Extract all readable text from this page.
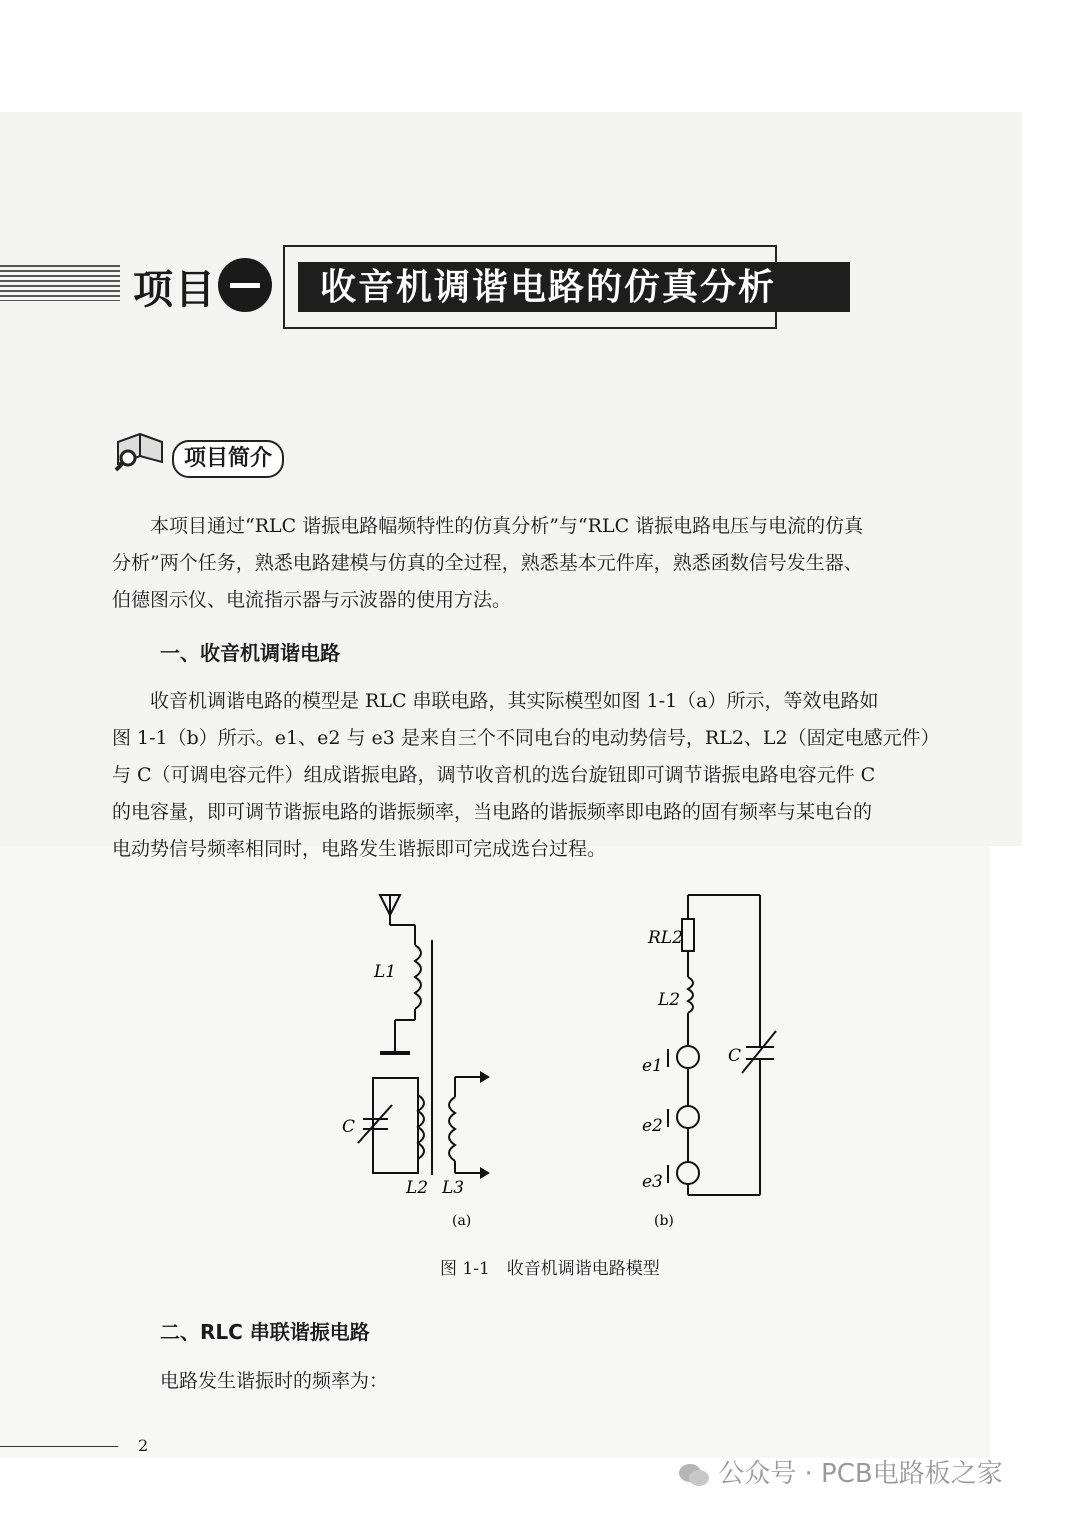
项目	收音机调谐电路的仿真分析
项目简介
　　本项目通过“RLC 谐振电路幅频特性的仿真分析”与“RLC 谐振电路电压与电流的仿真
分析”两个任务，熟悉电路建模与仿真的全过程，熟悉基本元件库，熟悉函数信号发生器、
伯德图示仪、电流指示器与示波器的使用方法。
一、收音机调谐电路
　　收音机调谐电路的模型是 RLC 串联电路，其实际模型如图 1-1（a）所示，等效电路如
图 1-1（b）所示。e1、e2 与 e3 是来自三个不同电台的电动势信号，RL2、L2（固定电感元件）
与 C（可调电容元件）组成谐振电路，调节收音机的选台旋钮即可调节谐振电路电容元件 C
的电容量，即可调节谐振电路的谐振频率，当电路的谐振频率即电路的固有频率与某电台的
电动势信号频率相同时，电路发生谐振即可完成选台过程。
L1
C
L2 L3
(a)
RL2
L2
C
e1
e2
e3
(b)
图 1-1　收音机调谐电路模型
二、RLC 串联谐振电路
电路发生谐振时的频率为：
2
公众号 · PCB电路板之家
